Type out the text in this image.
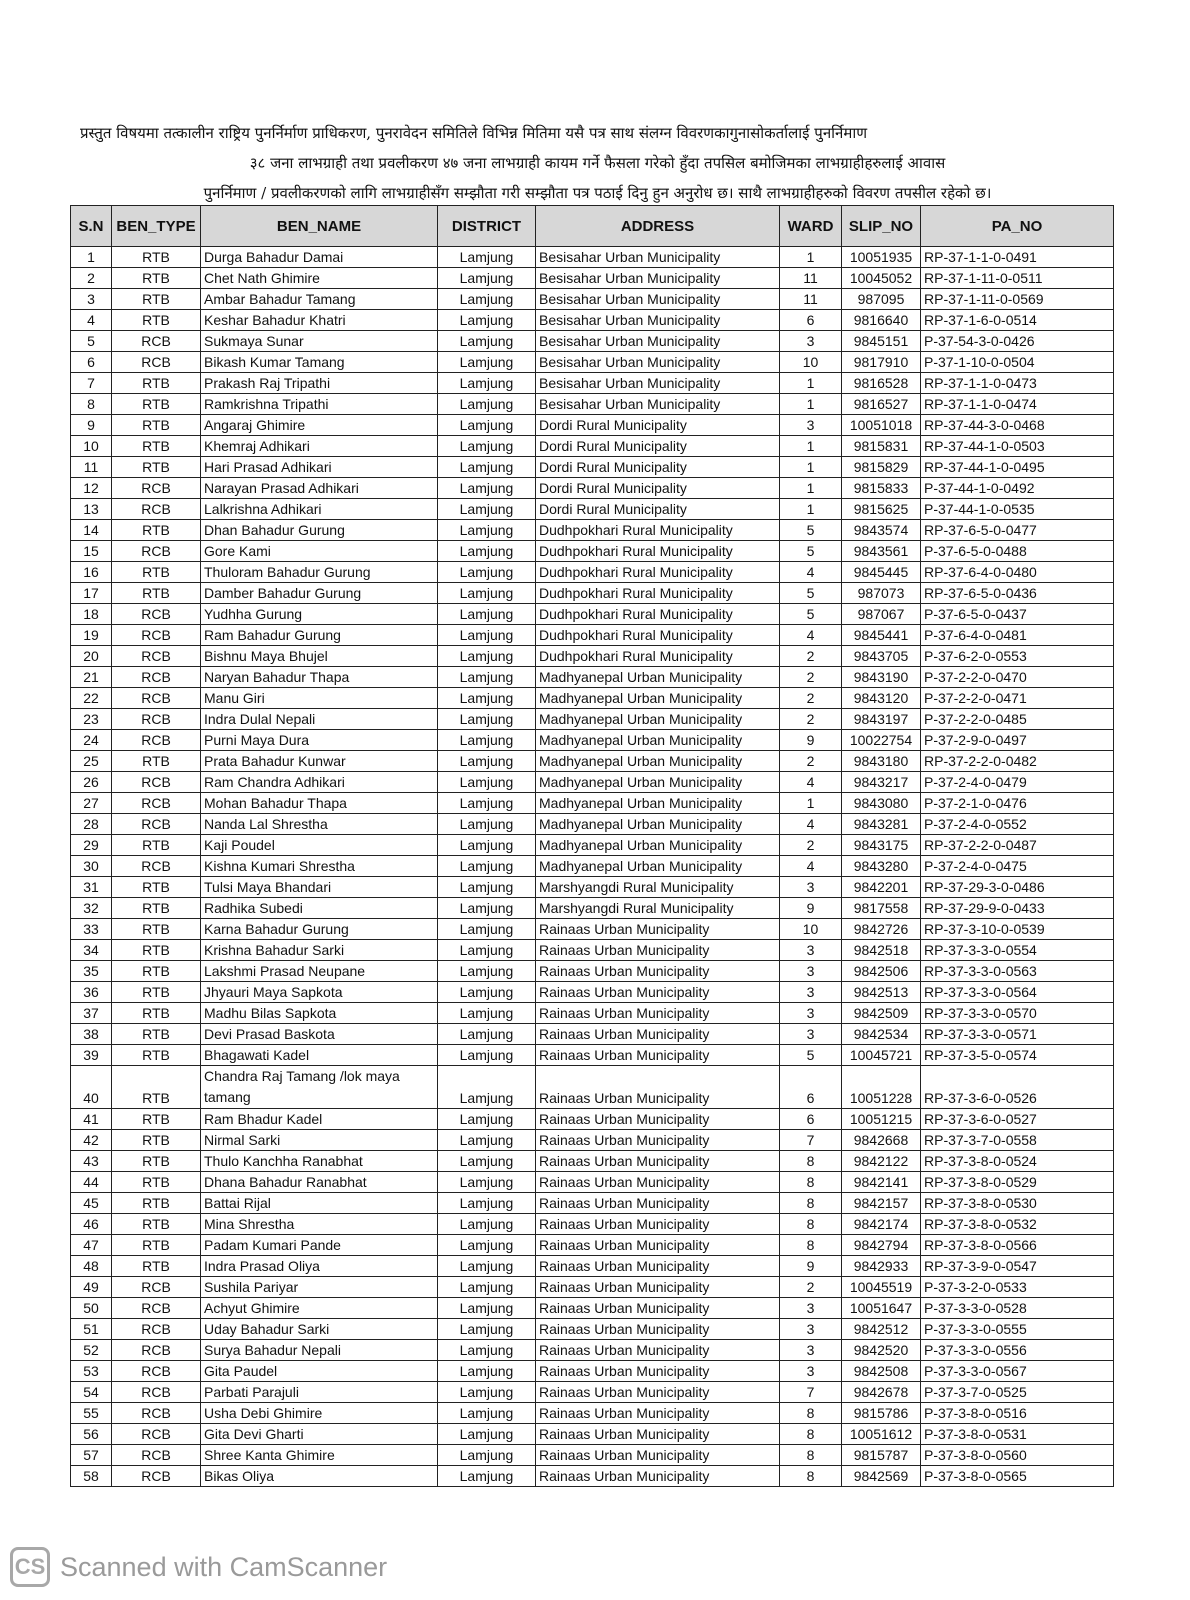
प्रस्तुत विषयमा तत्कालीन राष्ट्रिय पुनर्निर्माण प्राधिकरण, पुनरावेदन समितिले विभिन्न मितिमा यसै पत्र साथ संलग्न विवरणकागुनासोकर्तालाई पुनर्निमाण

३८ जना लाभग्राही तथा प्रवलीकरण ४७ जना लाभग्राही कायम गर्ने फैसला गरेको हुँदा तपसिल बमोजिमका लाभग्राहीहरुलाई आवास

पुनर्निमाण / प्रवलीकरणको लागि लाभग्राहीसँग सम्झौता गरी सम्झौता पत्र पठाई दिनु हुन अनुरोध छ। साथै लाभग्राहीहरुको विवरण तपसील रहेको छ।

S.N	BEN_TYPE	BEN_NAME	DISTRICT	ADDRESS	WARD	SLIP_NO	PA_NO
1	RTB	Durga Bahadur Damai	Lamjung	Besisahar Urban Municipality	1	10051935	RP-37-1-1-0-0491
2	RTB	Chet Nath Ghimire	Lamjung	Besisahar Urban Municipality	11	10045052	RP-37-1-11-0-0511
3	RTB	Ambar Bahadur Tamang	Lamjung	Besisahar Urban Municipality	11	987095	RP-37-1-11-0-0569
4	RTB	Keshar Bahadur Khatri	Lamjung	Besisahar Urban Municipality	6	9816640	RP-37-1-6-0-0514
5	RCB	Sukmaya Sunar	Lamjung	Besisahar Urban Municipality	3	9845151	P-37-54-3-0-0426
6	RCB	Bikash Kumar Tamang	Lamjung	Besisahar Urban Municipality	10	9817910	P-37-1-10-0-0504
7	RTB	Prakash Raj Tripathi	Lamjung	Besisahar Urban Municipality	1	9816528	RP-37-1-1-0-0473
8	RTB	Ramkrishna Tripathi	Lamjung	Besisahar Urban Municipality	1	9816527	RP-37-1-1-0-0474
9	RTB	Angaraj Ghimire	Lamjung	Dordi Rural Municipality	3	10051018	RP-37-44-3-0-0468
10	RTB	Khemraj Adhikari	Lamjung	Dordi Rural Municipality	1	9815831	RP-37-44-1-0-0503
11	RTB	Hari Prasad Adhikari	Lamjung	Dordi Rural Municipality	1	9815829	RP-37-44-1-0-0495
12	RCB	Narayan Prasad Adhikari	Lamjung	Dordi Rural Municipality	1	9815833	P-37-44-1-0-0492
13	RCB	Lalkrishna Adhikari	Lamjung	Dordi Rural Municipality	1	9815625	P-37-44-1-0-0535
14	RTB	Dhan Bahadur Gurung	Lamjung	Dudhpokhari Rural Municipality	5	9843574	RP-37-6-5-0-0477
15	RCB	Gore Kami	Lamjung	Dudhpokhari Rural Municipality	5	9843561	P-37-6-5-0-0488
16	RTB	Thuloram Bahadur Gurung	Lamjung	Dudhpokhari Rural Municipality	4	9845445	RP-37-6-4-0-0480
17	RTB	Damber Bahadur Gurung	Lamjung	Dudhpokhari Rural Municipality	5	987073	RP-37-6-5-0-0436
18	RCB	Yudhha Gurung	Lamjung	Dudhpokhari Rural Municipality	5	987067	P-37-6-5-0-0437
19	RCB	Ram Bahadur Gurung	Lamjung	Dudhpokhari Rural Municipality	4	9845441	P-37-6-4-0-0481
20	RCB	Bishnu Maya Bhujel	Lamjung	Dudhpokhari Rural Municipality	2	9843705	P-37-6-2-0-0553
21	RCB	Naryan Bahadur Thapa	Lamjung	Madhyanepal Urban Municipality	2	9843190	P-37-2-2-0-0470
22	RCB	Manu Giri	Lamjung	Madhyanepal Urban Municipality	2	9843120	P-37-2-2-0-0471
23	RCB	Indra Dulal Nepali	Lamjung	Madhyanepal Urban Municipality	2	9843197	P-37-2-2-0-0485
24	RCB	Purni Maya Dura	Lamjung	Madhyanepal Urban Municipality	9	10022754	P-37-2-9-0-0497
25	RTB	Prata Bahadur Kunwar	Lamjung	Madhyanepal Urban Municipality	2	9843180	RP-37-2-2-0-0482
26	RCB	Ram Chandra Adhikari	Lamjung	Madhyanepal Urban Municipality	4	9843217	P-37-2-4-0-0479
27	RCB	Mohan Bahadur Thapa	Lamjung	Madhyanepal Urban Municipality	1	9843080	P-37-2-1-0-0476
28	RCB	Nanda Lal Shrestha	Lamjung	Madhyanepal Urban Municipality	4	9843281	P-37-2-4-0-0552
29	RTB	Kaji Poudel	Lamjung	Madhyanepal Urban Municipality	2	9843175	RP-37-2-2-0-0487
30	RCB	Kishna Kumari Shrestha	Lamjung	Madhyanepal Urban Municipality	4	9843280	P-37-2-4-0-0475
31	RTB	Tulsi Maya Bhandari	Lamjung	Marshyangdi Rural Municipality	3	9842201	RP-37-29-3-0-0486
32	RTB	Radhika Subedi	Lamjung	Marshyangdi Rural Municipality	9	9817558	RP-37-29-9-0-0433
33	RTB	Karna Bahadur Gurung	Lamjung	Rainaas Urban Municipality	10	9842726	RP-37-3-10-0-0539
34	RTB	Krishna Bahadur Sarki	Lamjung	Rainaas Urban Municipality	3	9842518	RP-37-3-3-0-0554
35	RTB	Lakshmi Prasad Neupane	Lamjung	Rainaas Urban Municipality	3	9842506	RP-37-3-3-0-0563
36	RTB	Jhyauri Maya Sapkota	Lamjung	Rainaas Urban Municipality	3	9842513	RP-37-3-3-0-0564
37	RTB	Madhu Bilas Sapkota	Lamjung	Rainaas Urban Municipality	3	9842509	RP-37-3-3-0-0570
38	RTB	Devi Prasad Baskota	Lamjung	Rainaas Urban Municipality	3	9842534	RP-37-3-3-0-0571
39	RTB	Bhagawati Kadel	Lamjung	Rainaas Urban Municipality	5	10045721	RP-37-3-5-0-0574
40	RTB	Chandra Raj Tamang /lok maya tamang	Lamjung	Rainaas Urban Municipality	6	10051228	RP-37-3-6-0-0526
41	RTB	Ram Bhadur Kadel	Lamjung	Rainaas Urban Municipality	6	10051215	RP-37-3-6-0-0527
42	RTB	Nirmal Sarki	Lamjung	Rainaas Urban Municipality	7	9842668	RP-37-3-7-0-0558
43	RTB	Thulo Kanchha Ranabhat	Lamjung	Rainaas Urban Municipality	8	9842122	RP-37-3-8-0-0524
44	RTB	Dhana Bahadur Ranabhat	Lamjung	Rainaas Urban Municipality	8	9842141	RP-37-3-8-0-0529
45	RTB	Battai Rijal	Lamjung	Rainaas Urban Municipality	8	9842157	RP-37-3-8-0-0530
46	RTB	Mina Shrestha	Lamjung	Rainaas Urban Municipality	8	9842174	RP-37-3-8-0-0532
47	RTB	Padam Kumari Pande	Lamjung	Rainaas Urban Municipality	8	9842794	RP-37-3-8-0-0566
48	RTB	Indra Prasad Oliya	Lamjung	Rainaas Urban Municipality	9	9842933	RP-37-3-9-0-0547
49	RCB	Sushila Pariyar	Lamjung	Rainaas Urban Municipality	2	10045519	P-37-3-2-0-0533
50	RCB	Achyut Ghimire	Lamjung	Rainaas Urban Municipality	3	10051647	P-37-3-3-0-0528
51	RCB	Uday Bahadur Sarki	Lamjung	Rainaas Urban Municipality	3	9842512	P-37-3-3-0-0555
52	RCB	Surya Bahadur Nepali	Lamjung	Rainaas Urban Municipality	3	9842520	P-37-3-3-0-0556
53	RCB	Gita Paudel	Lamjung	Rainaas Urban Municipality	3	9842508	P-37-3-3-0-0567
54	RCB	Parbati Parajuli	Lamjung	Rainaas Urban Municipality	7	9842678	P-37-3-7-0-0525
55	RCB	Usha Debi Ghimire	Lamjung	Rainaas Urban Municipality	8	9815786	P-37-3-8-0-0516
56	RCB	Gita Devi Gharti	Lamjung	Rainaas Urban Municipality	8	10051612	P-37-3-8-0-0531
57	RCB	Shree Kanta Ghimire	Lamjung	Rainaas Urban Municipality	8	9815787	P-37-3-8-0-0560
58	RCB	Bikas Oliya	Lamjung	Rainaas Urban Municipality	8	9842569	P-37-3-8-0-0565
CS Scanned with CamScanner
